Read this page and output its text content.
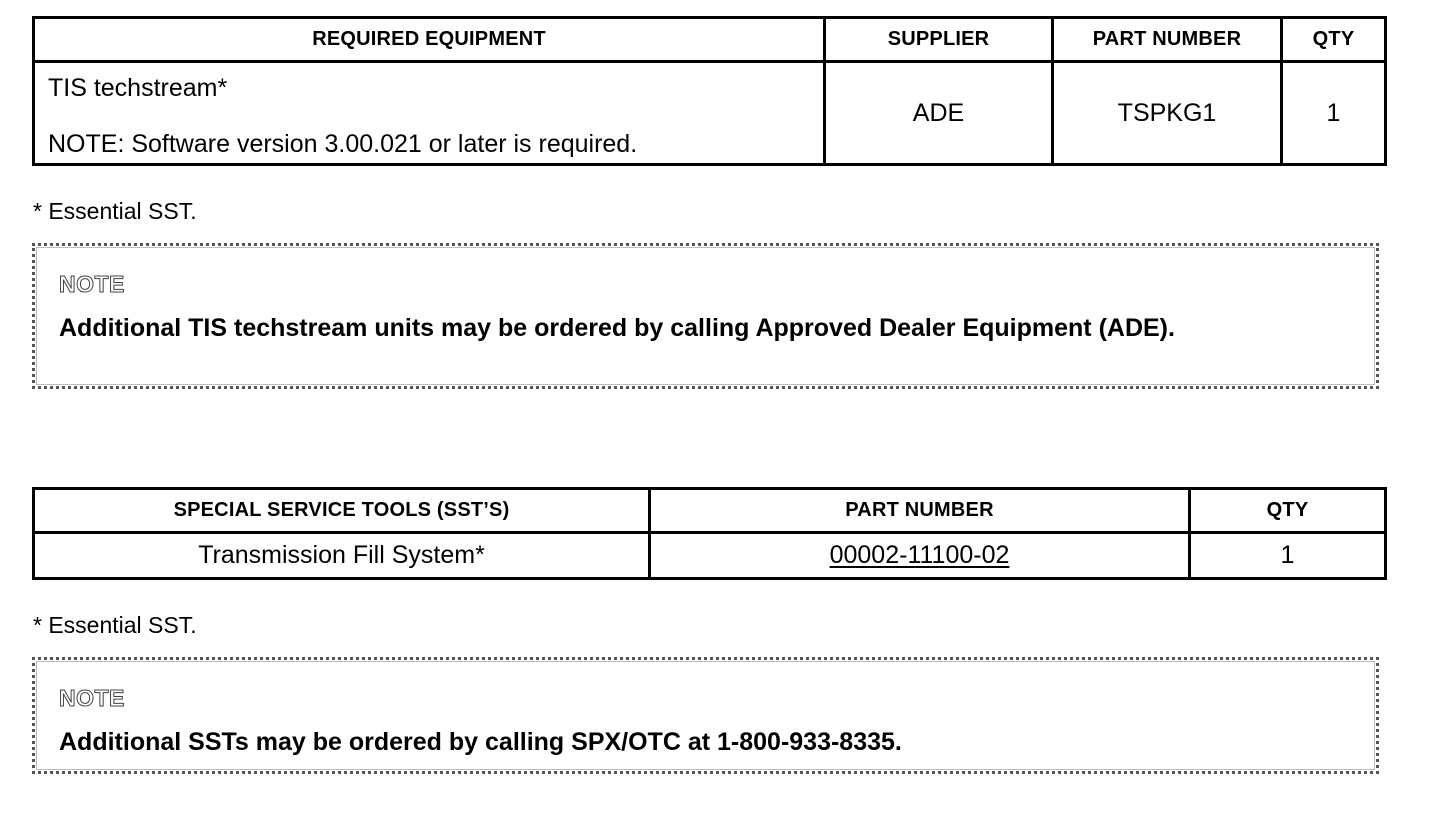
REQUIRED EQUIPMENT	SUPPLIER	PART NUMBER	QTY

TIS techstream*
NOTE: Software version 3.00.021 or later is required.	ADE	TSPKG1	1
* Essential SST.
NOTE
Additional TIS techstream units may be ordered by calling Approved Dealer Equipment (ADE).
SPECIAL SERVICE TOOLS (SST’S)	PART NUMBER	QTY
Transmission Fill System*	00002-11100-02	1
* Essential SST.
NOTE
Additional SSTs may be ordered by calling SPX/OTC at 1-800-933-8335.
